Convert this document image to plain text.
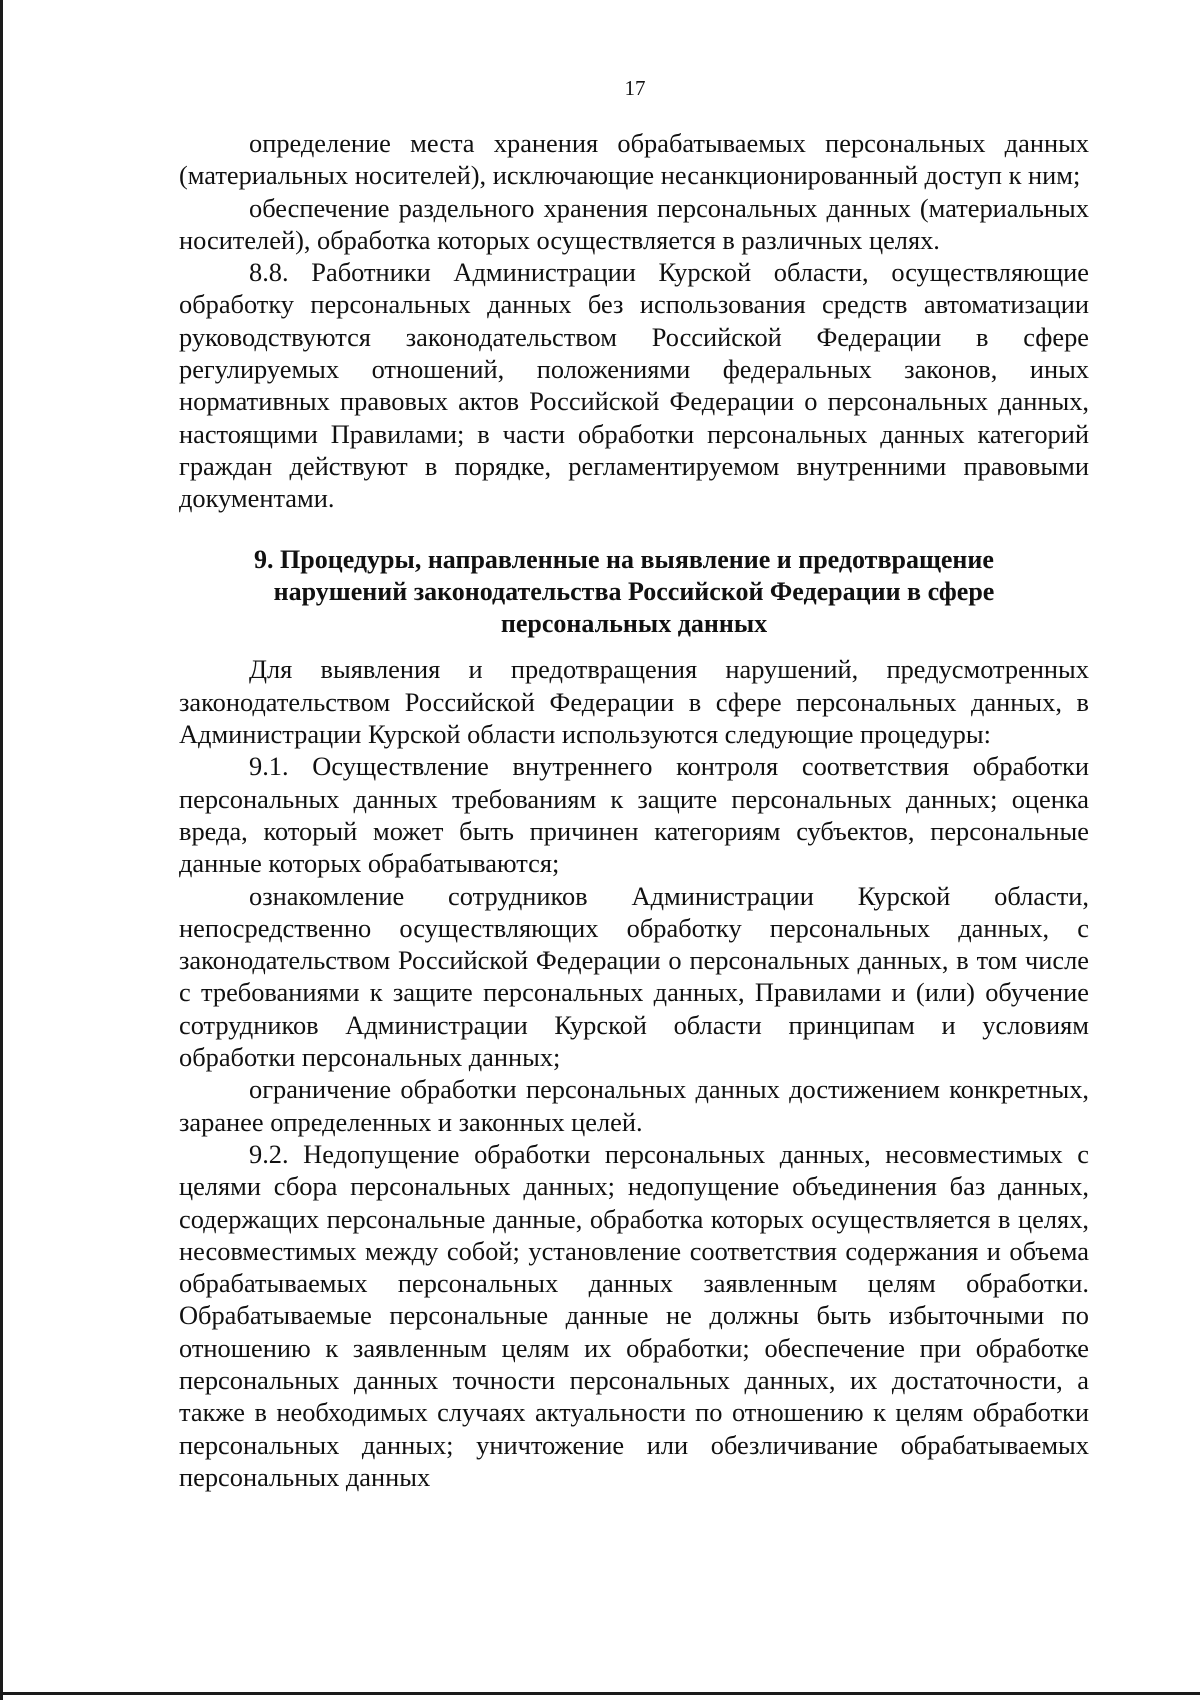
17

определение места хранения обрабатываемых персональных данных (материальных носителей), исключающие несанкционированный доступ к ним;

обеспечение раздельного хранения персональных данных (материальных носителей), обработка которых осуществляется в различных целях.

8.8. Работники Администрации Курской области, осуществляющие обработку персональных данных без использования средств автоматизации руководствуются законодательством Российской Федерации в сфере регулируемых отношений, положениями федеральных законов, иных нормативных правовых актов Российской Федерации о персональных данных, настоящими Правилами; в части обработки персональных данных категорий граждан действуют в порядке, регламентируемом внутренними правовыми документами.

9. Процедуры, направленные на выявление и предотвращение
нарушений законодательства Российской Федерации в сфере
персональных данных

Для выявления и предотвращения нарушений, предусмотренных законодательством Российской Федерации в сфере персональных данных, в Администрации Курской области используются следующие процедуры:

9.1. Осуществление внутреннего контроля соответствия обработки персональных данных требованиям к защите персональных данных; оценка вреда, который может быть причинен категориям субъектов, персональные данные которых обрабатываются;

ознакомление сотрудников Администрации Курской области, непосредственно осуществляющих обработку персональных данных, с законодательством Российской Федерации о персональных данных, в том числе с требованиями к защите персональных данных, Правилами и (или) обучение сотрудников Администрации Курской области принципам и условиям обработки персональных данных;

ограничение обработки персональных данных достижением конкретных, заранее определенных и законных целей.

9.2. Недопущение обработки персональных данных, несовместимых с целями сбора персональных данных; недопущение объединения баз данных, содержащих персональные данные, обработка которых осуществляется в целях, несовместимых между собой; установление соответствия содержания и объема обрабатываемых персональных данных заявленным целям обработки. Обрабатываемые персональные данные не должны быть избыточными по отношению к заявленным целям их обработки; обеспечение при обработке персональных данных точности персональных данных, их достаточности, а также в необходимых случаях актуальности по отношению к целям обработки персональных данных; уничтожение или обезличивание обрабатываемых персональных данных
